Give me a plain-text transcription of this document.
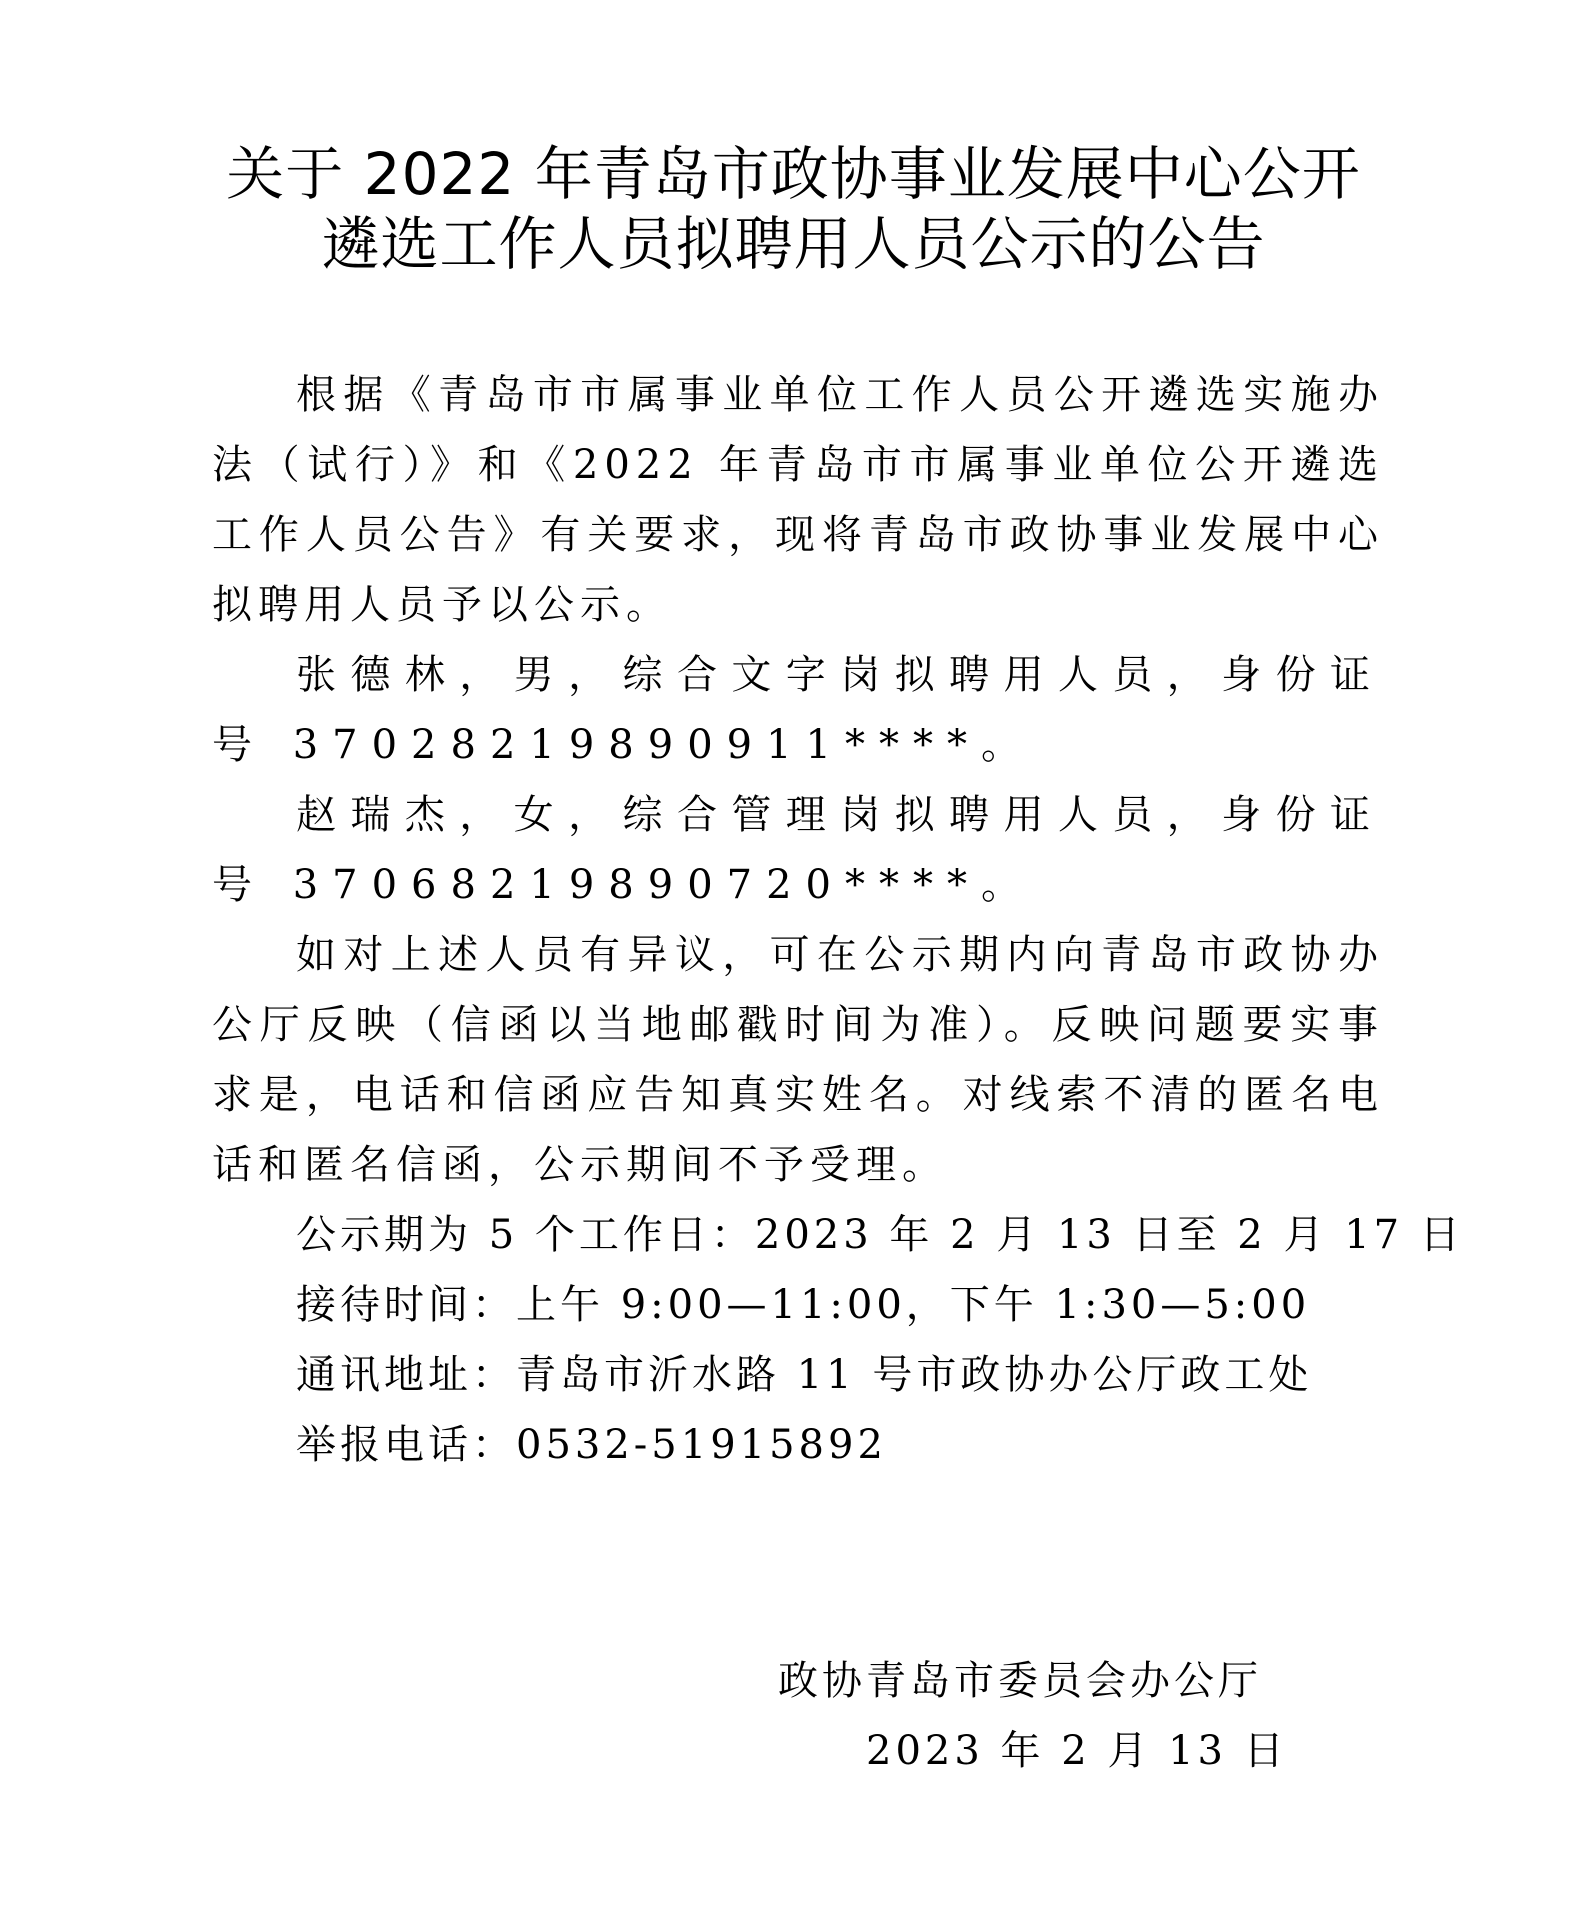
关于 2022 年青岛市政协事业发展中心公开
遴选工作人员拟聘用人员公示的公告

根据《青岛市市属事业单位工作人员公开遴选实施办法（试行）》和《2022 年青岛市市属事业单位公开遴选工作人员公告》有关要求，现将青岛市政协事业发展中心拟聘用人员予以公示。

张德林，男，综合文字岗拟聘用人员，身份证号 37028219890911****。

赵瑞杰，女，综合管理岗拟聘用人员，身份证号 37068219890720****。

如对上述人员有异议，可在公示期内向青岛市政协办公厅反映（信函以当地邮戳时间为准）。反映问题要实事求是，电话和信函应告知真实姓名。对线索不清的匿名电话和匿名信函，公示期间不予受理。

公示期为 5 个工作日：2023 年 2 月 13 日至 2 月 17 日

接待时间：上午 9:00—11:00，下午 1:30—5:00

通讯地址：青岛市沂水路 11 号市政协办公厅政工处

举报电话：0532-51915892

政协青岛市委员会办公厅
2023 年 2 月 13 日
